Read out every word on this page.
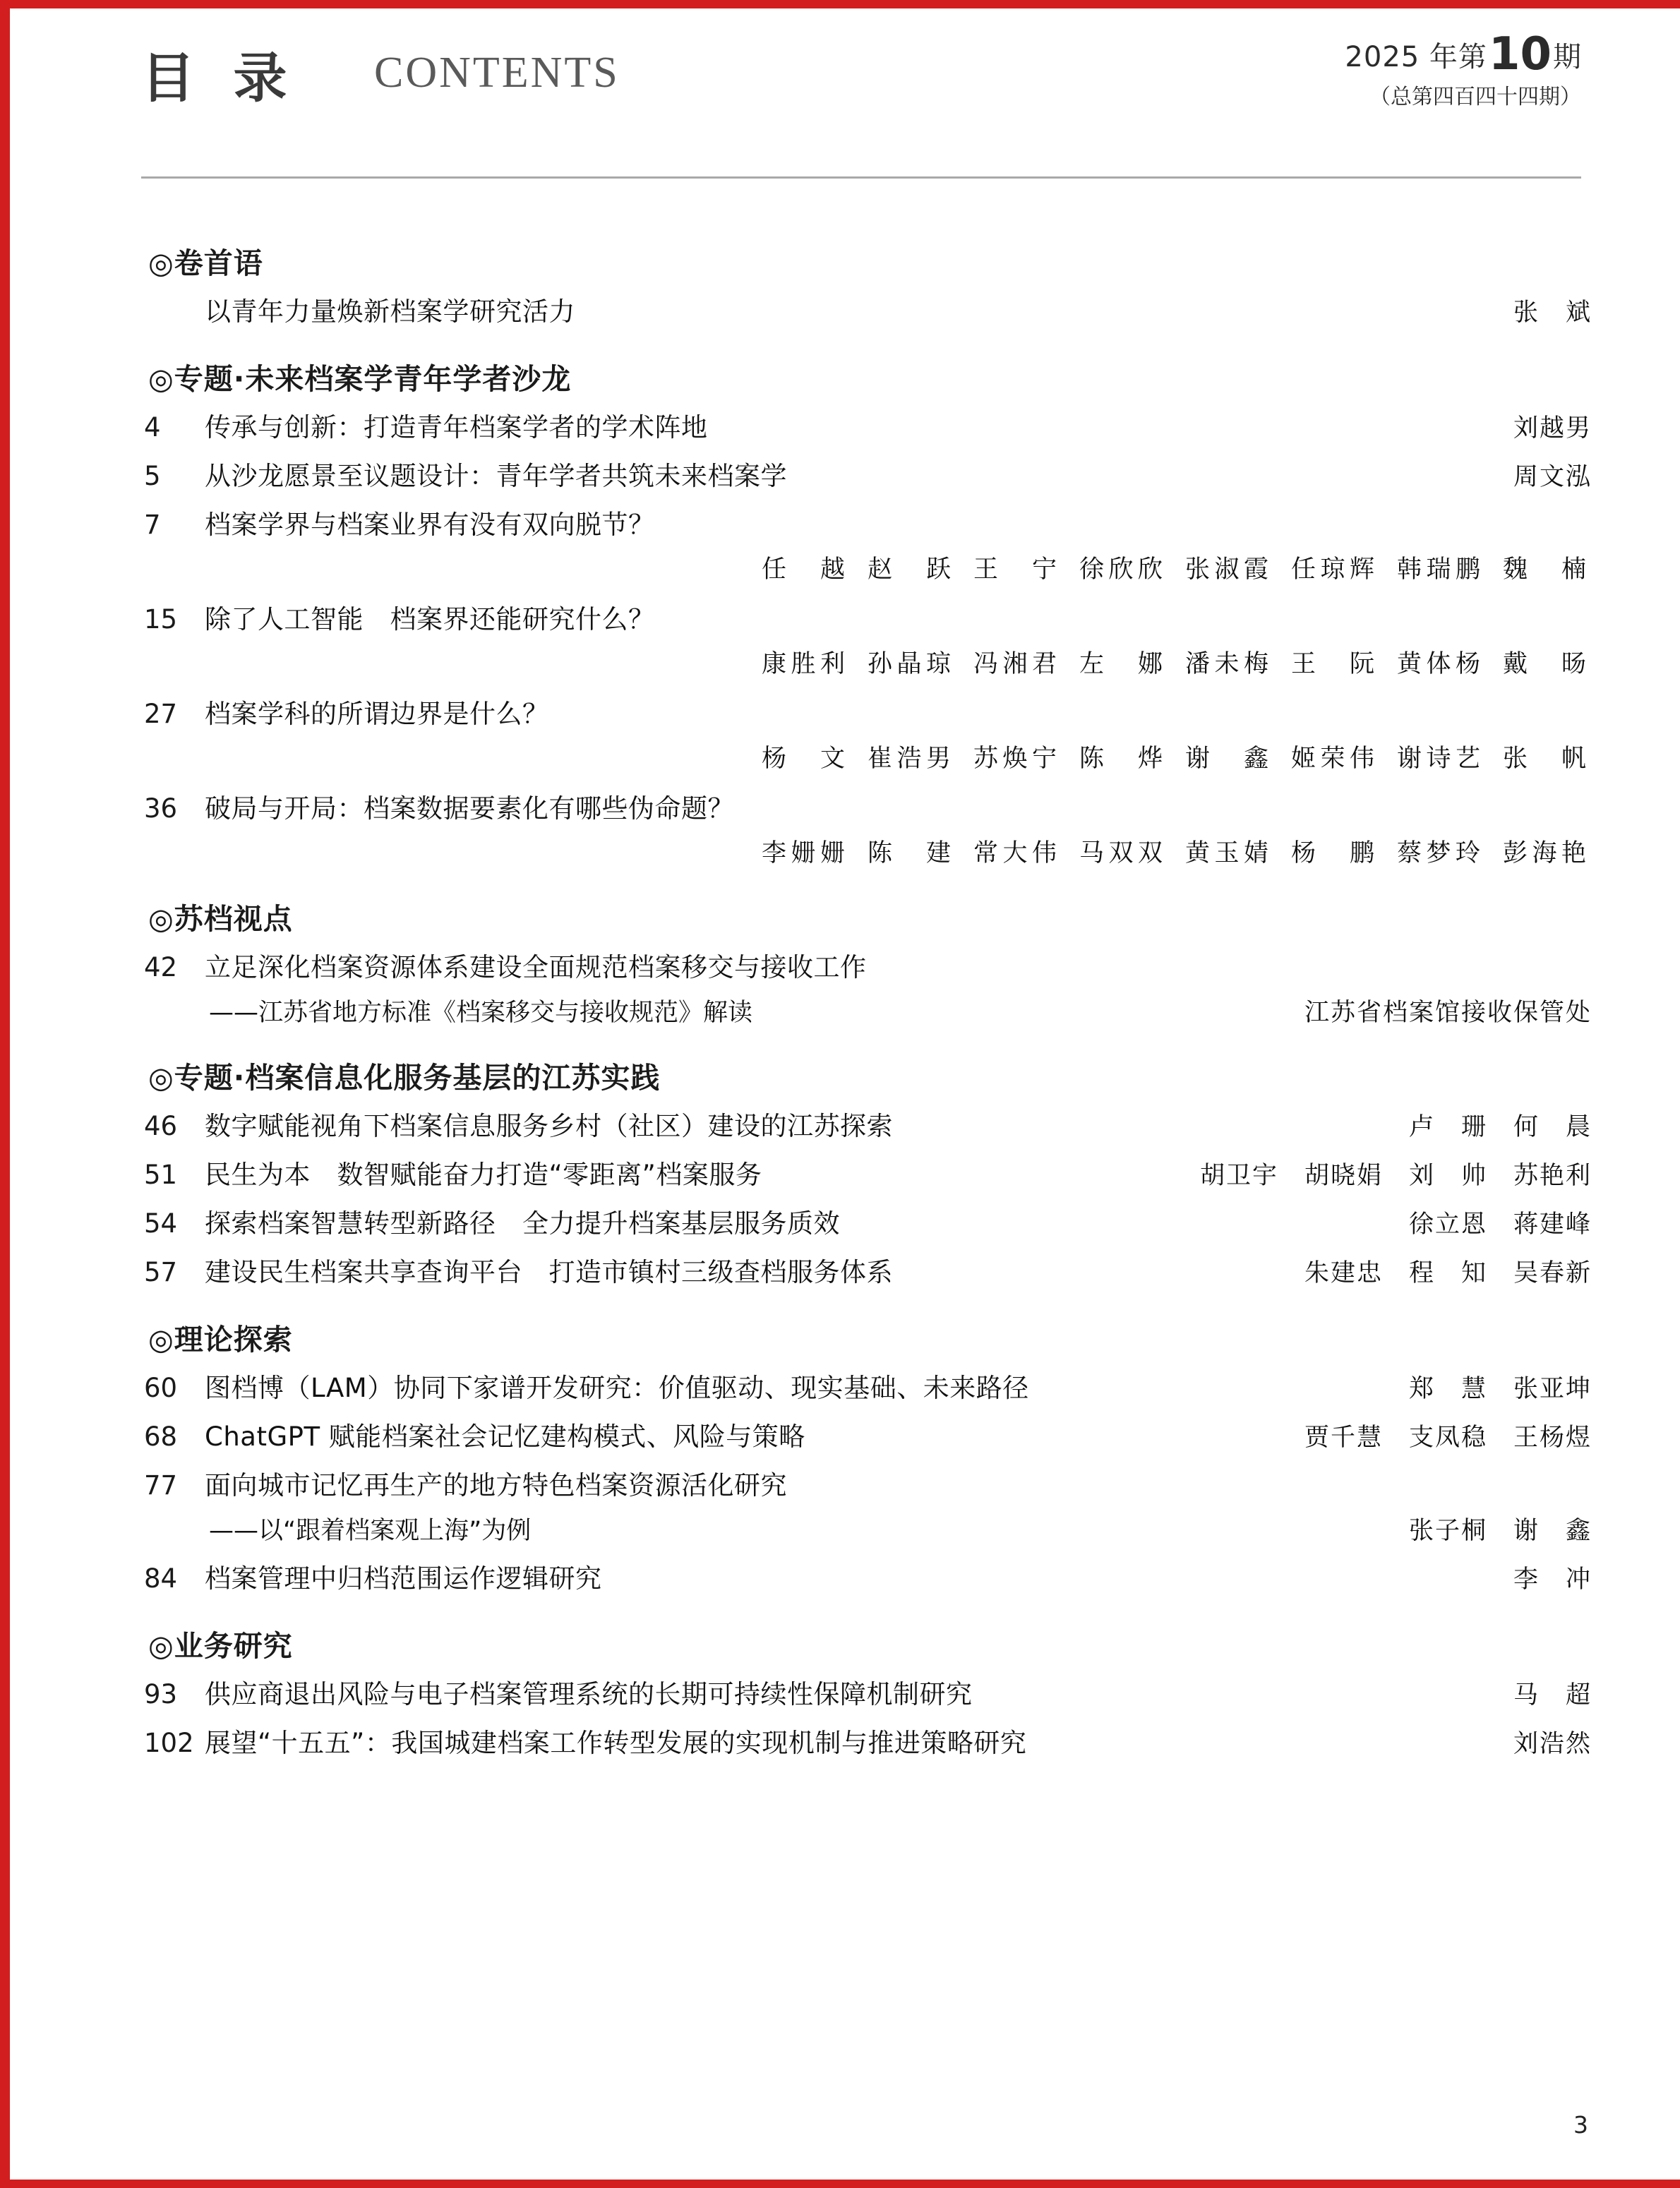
目 录 CONTENTS	2025 年第10期
（总第四百四十四期）
◎卷首语
以青年力量焕新档案学研究活力	张　斌
◎专题·未来档案学青年学者沙龙
4	传承与创新：打造青年档案学者的学术阵地	刘越男
5	从沙龙愿景至议题设计：青年学者共筑未来档案学	周文泓
7	档案学界与档案业界有没有双向脱节？
任　越 赵　跃 王　宁 徐欣欣 张淑霞 任琼辉 韩瑞鹏 魏　楠
15	除了人工智能　档案界还能研究什么？
康胜利 孙晶琼 冯湘君 左　娜 潘未梅 王　阮 黄体杨 戴　旸
27	档案学科的所谓边界是什么？
杨　文 崔浩男 苏焕宁 陈　烨 谢　鑫 姬荣伟 谢诗艺 张　帆
36	破局与开局：档案数据要素化有哪些伪命题？
李姗姗 陈　建 常大伟 马双双 黄玉婧 杨　鹏 蔡梦玲 彭海艳
◎苏档视点
42	立足深化档案资源体系建设全面规范档案移交与接收工作
——江苏省地方标准《档案移交与接收规范》解读	江苏省档案馆接收保管处
◎专题·档案信息化服务基层的江苏实践
46	数字赋能视角下档案信息服务乡村（社区）建设的江苏探索	卢　珊　何　晨
51	民生为本　数智赋能奋力打造“零距离”档案服务	胡卫宇　胡晓娟　刘　帅　苏艳利
54	探索档案智慧转型新路径　全力提升档案基层服务质效	徐立恩　蒋建峰
57	建设民生档案共享查询平台　打造市镇村三级查档服务体系	朱建忠　程　知　吴春新
◎理论探索
60	图档博（LAM）协同下家谱开发研究：价值驱动、现实基础、未来路径	郑　慧　张亚坤
68	ChatGPT 赋能档案社会记忆建构模式、风险与策略	贾千慧　支凤稳　王杨煜
77	面向城市记忆再生产的地方特色档案资源活化研究
——以“跟着档案观上海”为例	张子桐　谢　鑫
84	档案管理中归档范围运作逻辑研究	李　冲
◎业务研究
93	供应商退出风险与电子档案管理系统的长期可持续性保障机制研究	马　超
102 展望“十五五”：我国城建档案工作转型发展的实现机制与推进策略研究	刘浩然
3
